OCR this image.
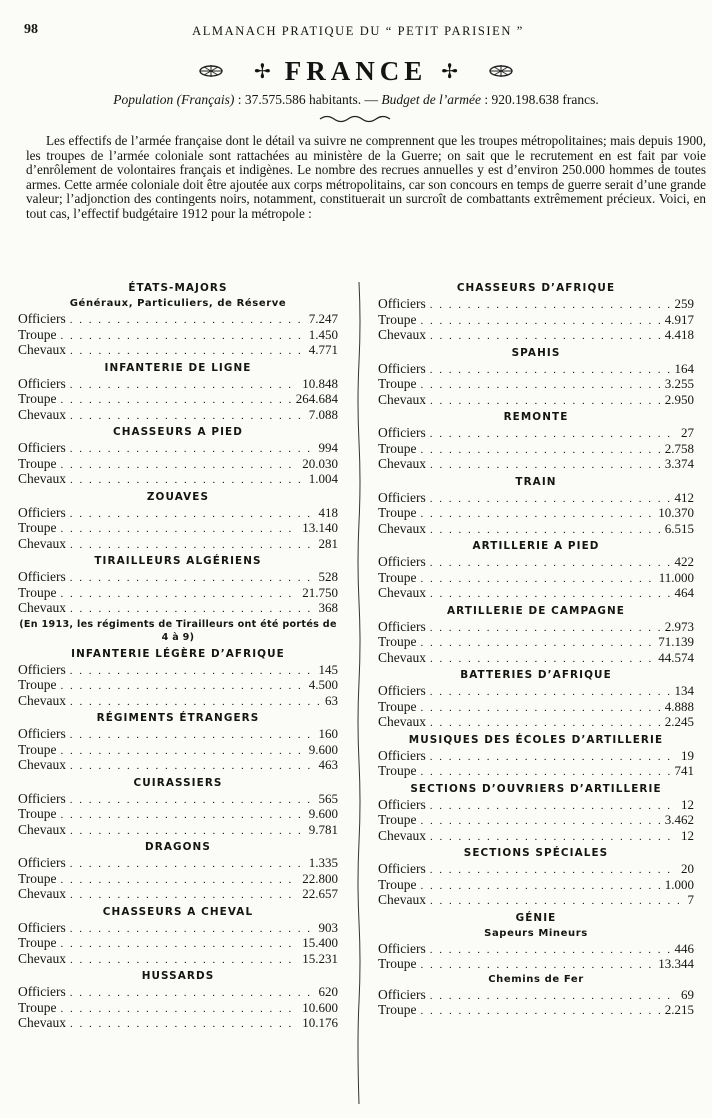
98	ALMANACH PRATIQUE DU “ PETIT PARISIEN ”
✢ FRANCE ✢
Population (Français) : 37.575.586 habitants. — Budget de l’armée : 920.198.638 francs.

Les effectifs de l’armée française dont le détail va suivre ne comprennent que les troupes métropolitaines; mais depuis 1900, les troupes de l’armée coloniale sont rattachées au ministère de la Guerre; on sait que le recrutement en est fait par voie d’enrôlement de volontaires français et indigènes. Le nombre des recrues annuelles y est d’environ 250.000 hommes de toutes armes. Cette armée coloniale doit être ajoutée aux corps métropolitains, car son concours en temps de guerre serait d’une grande valeur; l’adjonction des contingents noirs, notamment, constituerait un surcroît de combattants extrêmement précieux. Voici, en tout cas, l’effectif budgétaire 1912 pour la métropole :

ÉTATS-MAJORS
Généraux, Particuliers, de Réserve
Officiers . . .	7.247
Troupe . . .	1.450
Chevaux . . .	4.771
INFANTERIE DE LIGNE
Officiers . . .	10.848
Troupe . . .	264.684
Chevaux . . .	7.088
CHASSEURS A PIED
Officiers . . .	994
Troupe . . .	20.030
Chevaux . . .	1.004
ZOUAVES
Officiers . . .	418
Troupe . . .	13.140
Chevaux . . .	281
TIRAILLEURS ALGÉRIENS
Officiers . . .	528
Troupe . . .	21.750
Chevaux . . .	368
(En 1913, les régiments de Tirailleurs ont été portés de 4 à 9)
INFANTERIE LÉGÈRE D’AFRIQUE
Officiers . . .	145
Troupe . . .	4.500
Chevaux . . .	63
RÉGIMENTS ÉTRANGERS
Officiers . . .	160
Troupe . . .	9.600
Chevaux . . .	463
CUIRASSIERS
Officiers . . .	565
Troupe . . .	9.600
Chevaux . . .	9.781
DRAGONS
Officiers . . .	1.335
Troupe . . .	22.800
Chevaux . . .	22.657
CHASSEURS A CHEVAL
Officiers . . .	903
Troupe . . .	15.400
Chevaux . . .	15.231
HUSSARDS
Officiers . . .	620
Troupe . . .	10.600
Chevaux . . .	10.176
CHASSEURS D’AFRIQUE
Officiers . . .	259
Troupe . . .	4.917
Chevaux . . .	4.418
SPAHIS
Officiers . . .	164
Troupe . . .	3.255
Chevaux . . .	2.950
REMONTE
Officiers . . .	27
Troupe . . .	2.758
Chevaux . . .	3.374
TRAIN
Officiers . . .	412
Troupe . . .	10.370
Chevaux . . .	6.515
ARTILLERIE A PIED
Officiers . . .	422
Troupe . . .	11.000
Chevaux . . .	464
ARTILLERIE DE CAMPAGNE
Officiers . . .	2.973
Troupe . . .	71.139
Chevaux . . .	44.574
BATTERIES D’AFRIQUE
Officiers . . .	134
Troupe . . .	4.888
Chevaux . . .	2.245
MUSIQUES DES ÉCOLES D’ARTILLERIE
Officiers . . .	19
Troupe . . .	741
SECTIONS D’OUVRIERS D’ARTILLERIE
Officiers . . .	12
Troupe . . .	3.462
Chevaux . . .	12
SECTIONS SPÉCIALES
Officiers . . .	20
Troupe . . .	1.000
Chevaux . . .	7
GÉNIE
Sapeurs Mineurs
Officiers . . .	446
Troupe . . .	13.344
Chemins de Fer
Officiers . . .	69
Troupe . . .	2.215
